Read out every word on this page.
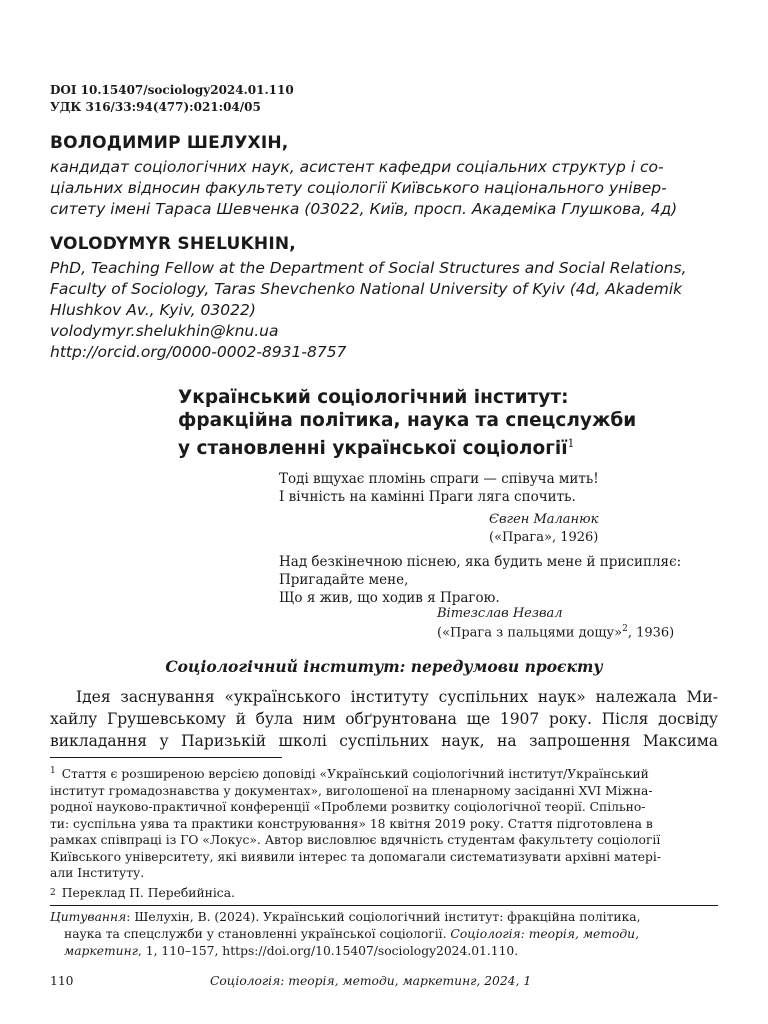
DOI 10.15407/sociology2024.01.110
УДК 316/33:94(477):021:04/05
ВОЛОДИМИР ШЕЛУХІН,
кандидат соціологічних наук, асистент кафедри соціальних структур і со-
ціальних відносин факультету соціології Київського національного універ-
ситету імені Тараса Шевченка (03022, Київ, просп. Академіка Глушкова, 4д)
VOLODYMYR SHELUKHIN,
PhD, Teaching Fellow at the Department of Social Structures and Social Relations,
Faculty of Sociology, Taras Shevchenko National University of Kyiv (4d, Akademik
Hlushkov Av., Kyiv, 03022)
volodymyr.shelukhin@knu.ua
http://orcid.org/0000-0002-8931-8757
Український соціологічний інститут:
фракційна політика, наука та спецслужби
у становленні української соціології$^1$
Тоді вщухає пломінь спраги — співуча мить!
І вічність на камінні Праги ляга спочить.
Євген Маланюк
(«Прага», 1926)
Над безкінечною піснею, яка будить мене й присипляє:
Пригадайте мене,
Що я жив, що ходив я Прагою.
Вітезслав Незвал
(«Прага з пальцями дощу»$^2$, 1936)
Соціологічний інститут: передумови проєкту
Ідея заснування «українського інституту суспільних наук» належала Ми-
хайлу Грушевському й була ним обґрунтована ще 1907 року. Після досвіду
викладання у Паризькій школі суспільних наук, на запрошення Максима
$^1$ Стаття є розширеною версією доповіді «Український соціологічний інститут/Український
інститут громадознавства у документах», виголошеної на пленарному засіданні XVI Міжна-
родної науково-практичної конференції «Проблеми розвитку соціологічної теорії. Спільно-
ти: суспільна уява та практики конструювання» 18 квітня 2019 року. Стаття підготовлена в
рамках співпраці із ГО «Локус». Автор висловлює вдячність студентам факультету соціології
Київського університету, які виявили інтерес та допомагали систематизувати архівні матері-
али Інституту.
2 Переклад П. Перебийніса.
Цитування: Шелухін, В. (2024). Український соціологічний інститут: фракційна політика,
наука та спецслужби у становленні української соціології. Соціологія: теорія, методи,
маркетинг , 1, 110–157, https://doi.org/10.15407/sociology2024.01.110.
110	Соціологія: теорія, методи, маркетинг, 2024, 1
